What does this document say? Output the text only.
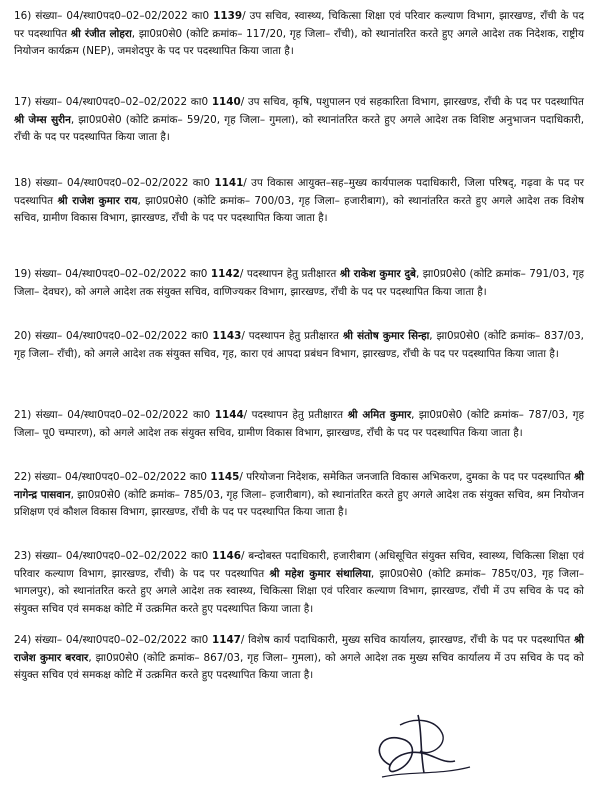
16) संख्या– 04/स्था0पद0–02–02/2022 का0 1139/ उप सचिव, स्वास्थ्य, चिकित्सा शिक्षा एवं परिवार कल्याण विभाग, झारखण्ड, राँची के पद पर पदस्थापित श्री रंजीत लोहरा, झा0प्र0से0 (कोटि क्रमांक– 117/20, गृह जिला– राँची), को स्थानांतरित करते हुए अगले आदेश तक निदेशक, राष्ट्रीय नियोजन कार्यक्रम (NEP), जमशेदपुर के पद पर पदस्थापित किया जाता है।

17) संख्या– 04/स्था0पद0–02–02/2022 का0 1140/ उप सचिव, कृषि, पशुपालन एवं सहकारिता विभाग, झारखण्ड, राँची के पद पर पदस्थापित श्री जेम्स सुरीन, झा0प्र0से0 (कोटि क्रमांक– 59/20, गृह जिला– गुमला), को स्थानांतरित करते हुए अगले आदेश तक विशिष्ट अनुभाजन पदाधिकारी, राँची के पद पर पदस्थापित किया जाता है।

18) संख्या– 04/स्था0पद0–02–02/2022 का0 1141/ उप विकास आयुक्त–सह–मुख्य कार्यपालक पदाधिकारी, जिला परिषद्, गढ़वा के पद पर पदस्थापित श्री राजेश कुमार राय, झा0प्र0से0 (कोटि क्रमांक– 700/03, गृह जिला– हजारीबाग), को स्थानांतरित करते हुए अगले आदेश तक विशेष सचिव, ग्रामीण विकास विभाग, झारखण्ड, राँची के पद पर पदस्थापित किया जाता है।

19) संख्या– 04/स्था0पद0–02–02/2022 का0 1142/ पदस्थापन हेतु प्रतीक्षारत श्री राकेश कुमार दुबे, झा0प्र0से0 (कोटि क्रमांक– 791/03, गृह जिला– देवघर), को अगले आदेश तक संयुक्त सचिव, वाणिज्यकर विभाग, झारखण्ड, राँची के पद पर पदस्थापित किया जाता है।

20) संख्या– 04/स्था0पद0–02–02/2022 का0 1143/ पदस्थापन हेतु प्रतीक्षारत श्री संतोष कुमार सिन्हा, झा0प्र0से0 (कोटि क्रमांक– 837/03, गृह जिला– राँची), को अगले आदेश तक संयुक्त सचिव, गृह, कारा एवं आपदा प्रबंधन विभाग, झारखण्ड, राँची के पद पर पदस्थापित किया जाता है।

21) संख्या– 04/स्था0पद0–02–02/2022 का0 1144/ पदस्थापन हेतु प्रतीक्षारत श्री अमित कुमार, झा0प्र0से0 (कोटि क्रमांक– 787/03, गृह जिला– पू0 चम्पारण), को अगले आदेश तक संयुक्त सचिव, ग्रामीण विकास विभाग, झारखण्ड, राँची के पद पर पदस्थापित किया जाता है।

22) संख्या– 04/स्था0पद0–02–02/2022 का0 1145/ परियोजना निदेशक, समेकित जनजाति विकास अभिकरण, दुमका के पद पर पदस्थापित श्री नागेन्द्र पासवान, झा0प्र0से0 (कोटि क्रमांक– 785/03, गृह जिला– हजारीबाग), को स्थानांतरित करते हुए अगले आदेश तक संयुक्त सचिव, श्रम नियोजन प्रशिक्षण एवं कौशल विकास विभाग, झारखण्ड, राँची के पद पर पदस्थापित किया जाता है।

23) संख्या– 04/स्था0पद0–02–02/2022 का0 1146/ बन्दोबस्त पदाधिकारी, हजारीबाग (अधिसूचित संयुक्त सचिव, स्वास्थ्य, चिकित्सा शिक्षा एवं परिवार कल्याण विभाग, झारखण्ड, राँची) के पद पर पदस्थापित श्री महेश कुमार संथालिया, झा0प्र0से0 (कोटि क्रमांक– 785ए/03, गृह जिला– भागलपुर), को स्थानांतरित करते हुए अगले आदेश तक स्वास्थ्य, चिकित्सा शिक्षा एवं परिवार कल्याण विभाग, झारखण्ड, राँची में उप सचिव के पद को संयुक्त सचिव एवं समकक्ष कोटि में उत्क्रमित करते हुए पदस्थापित किया जाता है।

24) संख्या– 04/स्था0पद0–02–02/2022 का0 1147/ विशेष कार्य पदाधिकारी, मुख्य सचिव कार्यालय, झारखण्ड, राँची के पद पर पदस्थापित श्री राजेश कुमार बरवार, झा0प्र0से0 (कोटि क्रमांक– 867/03, गृह जिला– गुमला), को अगले आदेश तक मुख्य सचिव कार्यालय में उप सचिव के पद को संयुक्त सचिव एवं समकक्ष कोटि में उत्क्रमित करते हुए पदस्थापित किया जाता है।
